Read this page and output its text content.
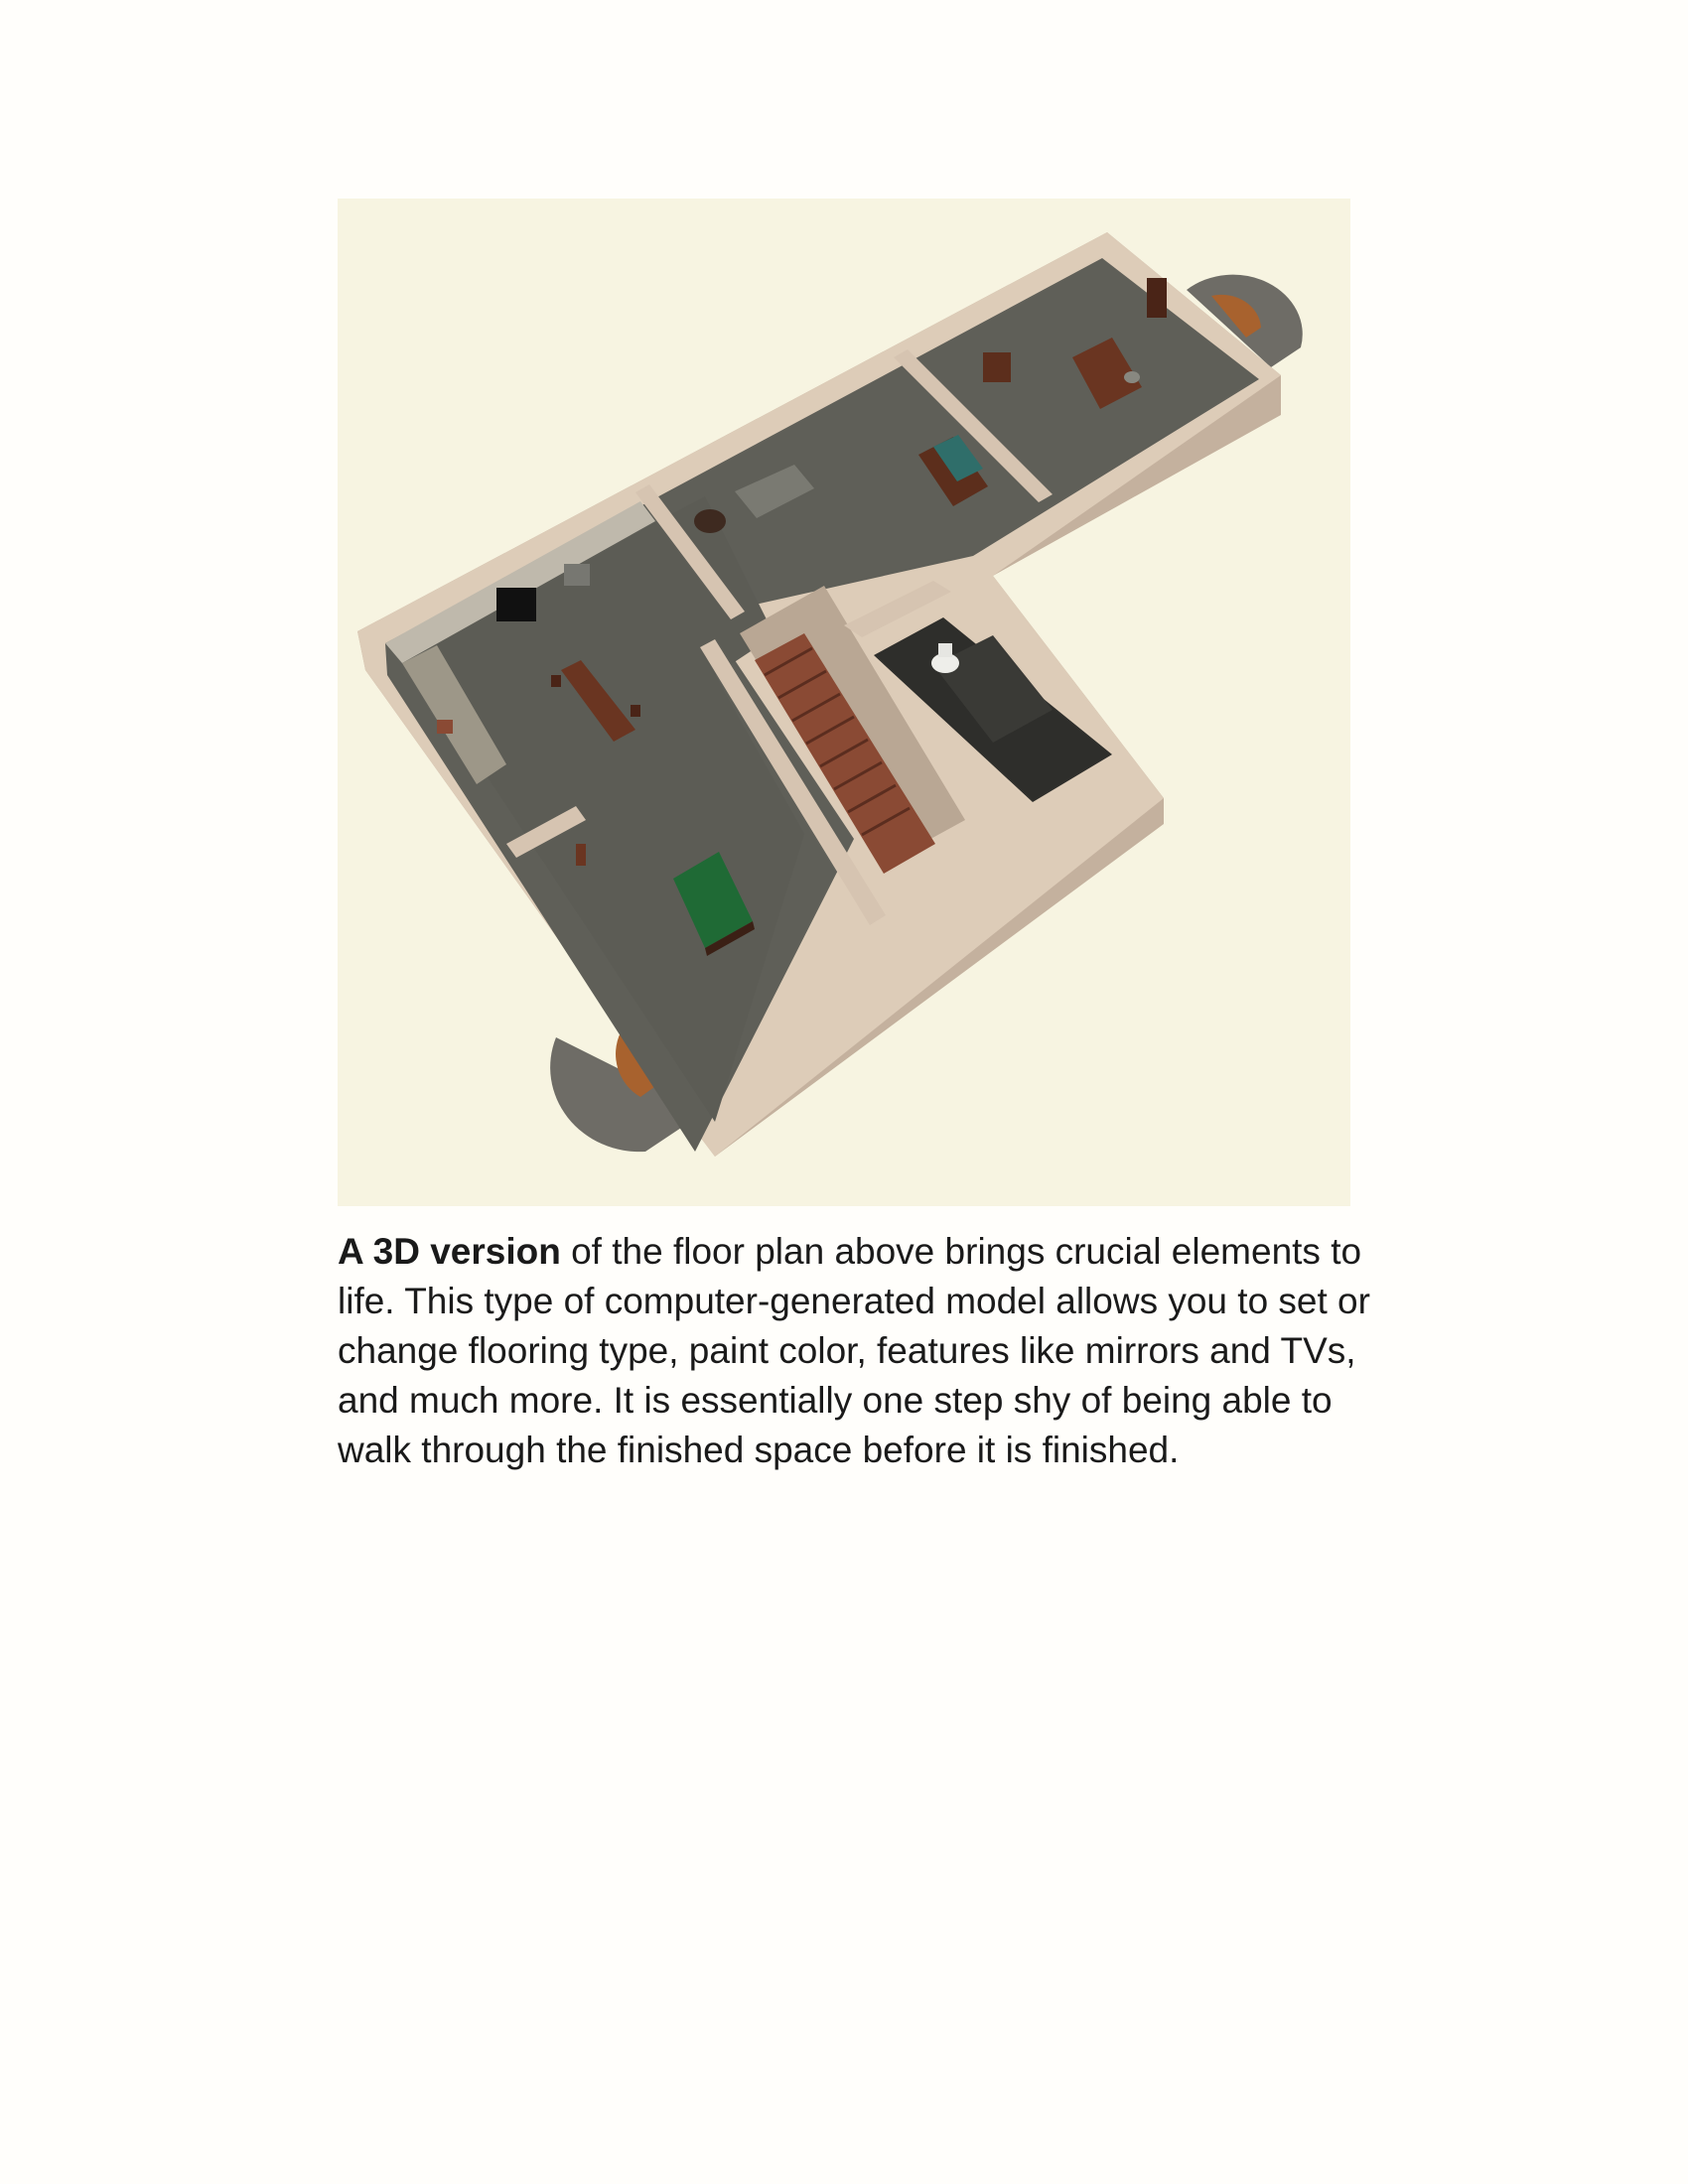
A 3D version of the floor plan above brings crucial elements to life. This type of computer-generated model allows you to set or change flooring type, paint color, features like mirrors and TVs, and much more. It is essentially one step shy of being able to walk through the finished space before it is finished.
